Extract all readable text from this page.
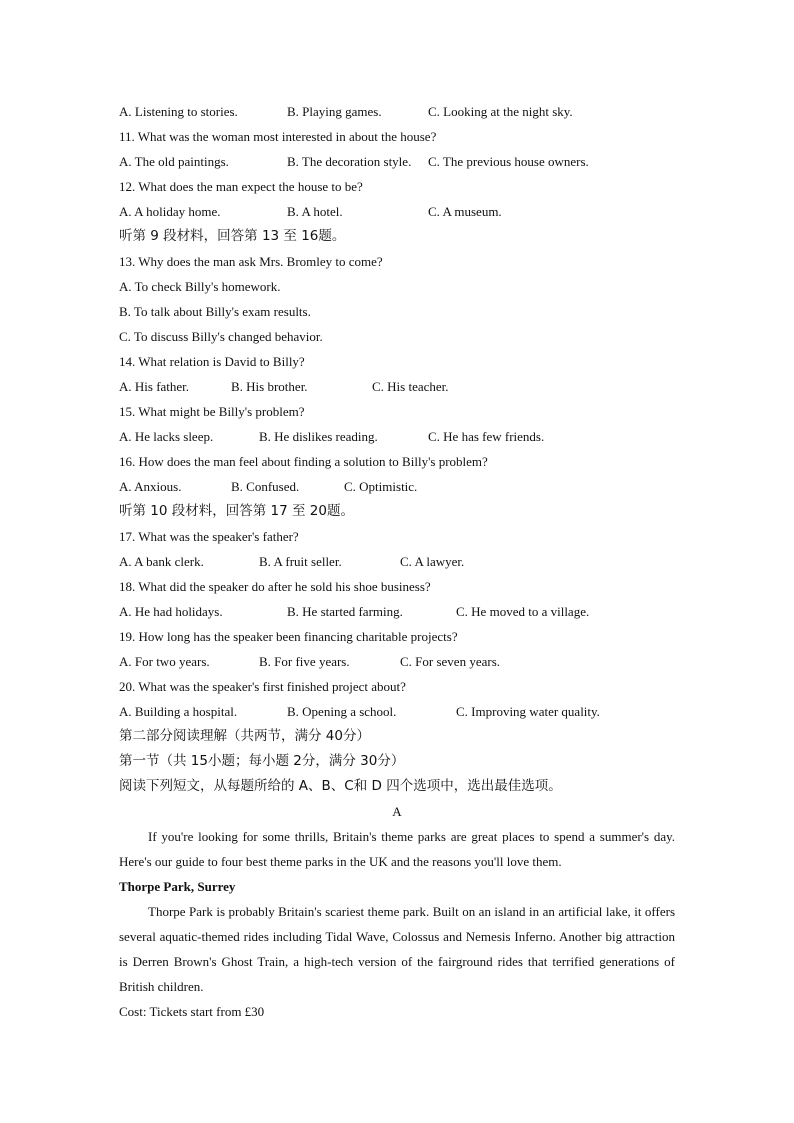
A. Listening to stories.	B. Playing games.	C. Looking at the night sky.
11. What was the woman most interested in about the house?
A. The old paintings.	B. The decoration style. C. The previous house owners.
12. What does the man expect the house to be?
A. A holiday home.	B. A hotel.	C. A museum.
听第 9 段材料，回答第 13 至 16题。
13. Why does the man ask Mrs. Bromley to come?
A. To check Billy's homework.
B. To talk about Billy's exam results.
C. To discuss Billy's changed behavior.
14. What relation is David to Billy?
A. His father.	B. His brother.	C. His teacher.
15. What might be Billy's problem?
A. He lacks sleep.	B. He dislikes reading.	C. He has few friends.
16. How does the man feel about finding a solution to Billy's problem?
A. Anxious.	B. Confused.	C. Optimistic.
听第 10 段材料，回答第 17 至 20题。
17. What was the speaker's father?
A. A bank clerk.	B. A fruit seller.	C. A lawyer.
18. What did the speaker do after he sold his shoe business?
A. He had holidays.	B. He started farming.	C. He moved to a village.
19. How long has the speaker been financing charitable projects?
A. For two years.	B. For five years.	C. For seven years.
20. What was the speaker's first finished project about?
A. Building a hospital.	B. Opening a school.	C. Improving water quality.
第二部分阅读理解（共两节，满分 40分）
第一节（共 15小题；每小题 2分，满分 30分）
阅读下列短文，从每题所给的 A、B、C和 D 四个选项中，选出最佳选项。
A
If you're looking for some thrills, Britain's theme parks are great places to spend a summer's day. Here's our guide to four best theme parks in the UK and the reasons you'll love them.
Thorpe Park, Surrey
Thorpe Park is probably Britain's scariest theme park. Built on an island in an artificial lake, it offers several aquatic-themed rides including Tidal Wave, Colossus and Nemesis Inferno. Another big attraction is Derren Brown's Ghost Train, a high-tech version of the fairground rides that terrified generations of British children.
Cost: Tickets start from £30
